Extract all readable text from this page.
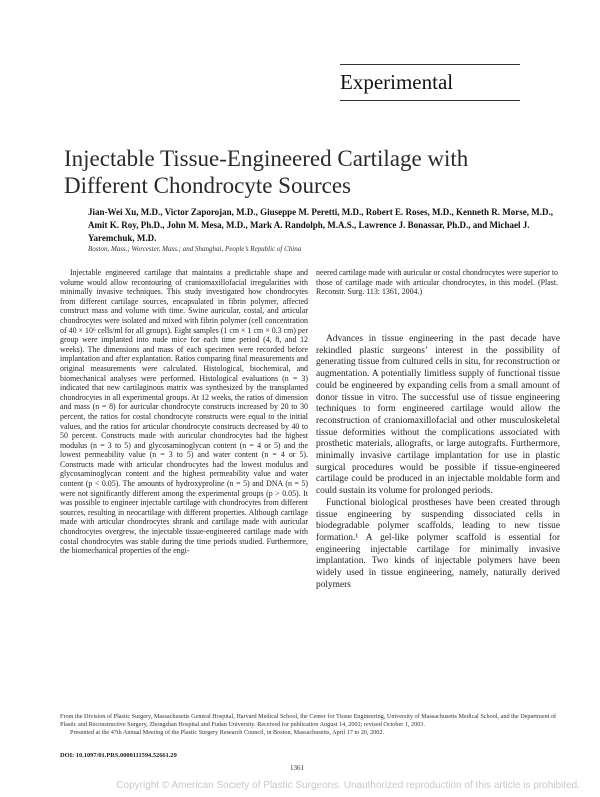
Experimental
Injectable Tissue-Engineered Cartilage with Different Chondrocyte Sources
Jian-Wei Xu, M.D., Victor Zaporojan, M.D., Giuseppe M. Peretti, M.D., Robert E. Roses, M.D., Kenneth R. Morse, M.D., Amit K. Roy, Ph.D., John M. Mesa, M.D., Mark A. Randolph, M.A.S., Lawrence J. Bonassar, Ph.D., and Michael J. Yaremchuk, M.D.
Boston, Mass.; Worcester, Mass.; and Shanghai, People’s Republic of China

Injectable engineered cartilage that maintains a predictable shape and volume would allow recontouring of craniomaxillofacial irregularities with minimally invasive techniques. This study investigated how chondrocytes from different cartilage sources, encapsulated in fibrin polymer, affected construct mass and volume with time. Swine auricular, costal, and articular chondrocytes were isolated and mixed with fibrin polymer (cell concentration of 40 × 10⁶ cells/ml for all groups). Eight samples (1 cm × 1 cm × 0.3 cm) per group were implanted into nude mice for each time period (4, 8, and 12 weeks). The dimensions and mass of each specimen were recorded before implantation and after explantation. Ratios comparing final measurements and original measurements were calculated. Histological, biochemical, and biomechanical analyses were performed. Histological evaluations (n = 3) indicated that new cartilaginous matrix was synthesized by the transplanted chondrocytes in all experimental groups. At 12 weeks, the ratios of dimension and mass (n = 8) for auricular chondrocyte constructs increased by 20 to 30 percent, the ratios for costal chondrocyte constructs were equal to the initial values, and the ratios for articular chondrocyte constructs decreased by 40 to 50 percent. Constructs made with auricular chondrocytes had the highest modulus (n = 3 to 5) and glycosaminoglycan content (n = 4 or 5) and the lowest permeability value (n = 3 to 5) and water content (n = 4 or 5). Constructs made with articular chondrocytes had the lowest modulus and glycosaminoglycan content and the highest permeability value and water content (p < 0.05). The amounts of hydroxyproline (n = 5) and DNA (n = 5) were not significantly different among the experimental groups (p > 0.05). It was possible to engineer injectable cartilage with chondrocytes from different sources, resulting in neocartilage with different properties. Although cartilage made with articular chondrocytes shrank and cartilage made with auricular chondrocytes overgrew, the injectable tissue-engineered cartilage made with costal chondrocytes was stable during the time periods studied. Furthermore, the biomechanical properties of the engi-

neered cartilage made with auricular or costal chondrocytes were superior to those of cartilage made with articular chondrocytes, in this model. (Plast. Reconstr. Surg. 113: 1361, 2004.)

Advances in tissue engineering in the past decade have rekindled plastic surgeons’ interest in the possibility of generating tissue from cultured cells in situ, for reconstruction or augmentation. A potentially limitless supply of functional tissue could be engineered by expanding cells from a small amount of donor tissue in vitro. The successful use of tissue engineering techniques to form engineered cartilage would allow the reconstruction of craniomaxillofacial and other musculoskeletal tissue deformities without the complications associated with prosthetic materials, allografts, or large autografts. Furthermore, minimally invasive cartilage implantation for use in plastic surgical procedures would be possible if tissue-engineered cartilage could be produced in an injectable moldable form and could sustain its volume for prolonged periods.

Functional biological prostheses have been created through tissue engineering by suspending dissociated cells in biodegradable polymer scaffolds, leading to new tissue formation.¹ A gel-like polymer scaffold is essential for engineering injectable cartilage for minimally invasive implantation. Two kinds of injectable polymers have been widely used in tissue engineering, namely, naturally derived polymers

From the Division of Plastic Surgery, Massachusetts General Hospital, Harvard Medical School, the Center for Tissue Engineering, University of Massachusetts Medical School, and the Department of Plastic and Reconstructive Surgery, Zhongshan Hospital and Fudan University. Received for publication August 14, 2002; revised October 1, 2003.

Presented at the 47th Annual Meeting of the Plastic Surgery Research Council, in Boston, Massachusetts, April 17 to 20, 2002.

DOI: 10.1097/01.PRS.0000111594.52661.29
1361
Copyright © American Society of Plastic Surgeons. Unauthorized reproduction of this article is prohibited.
